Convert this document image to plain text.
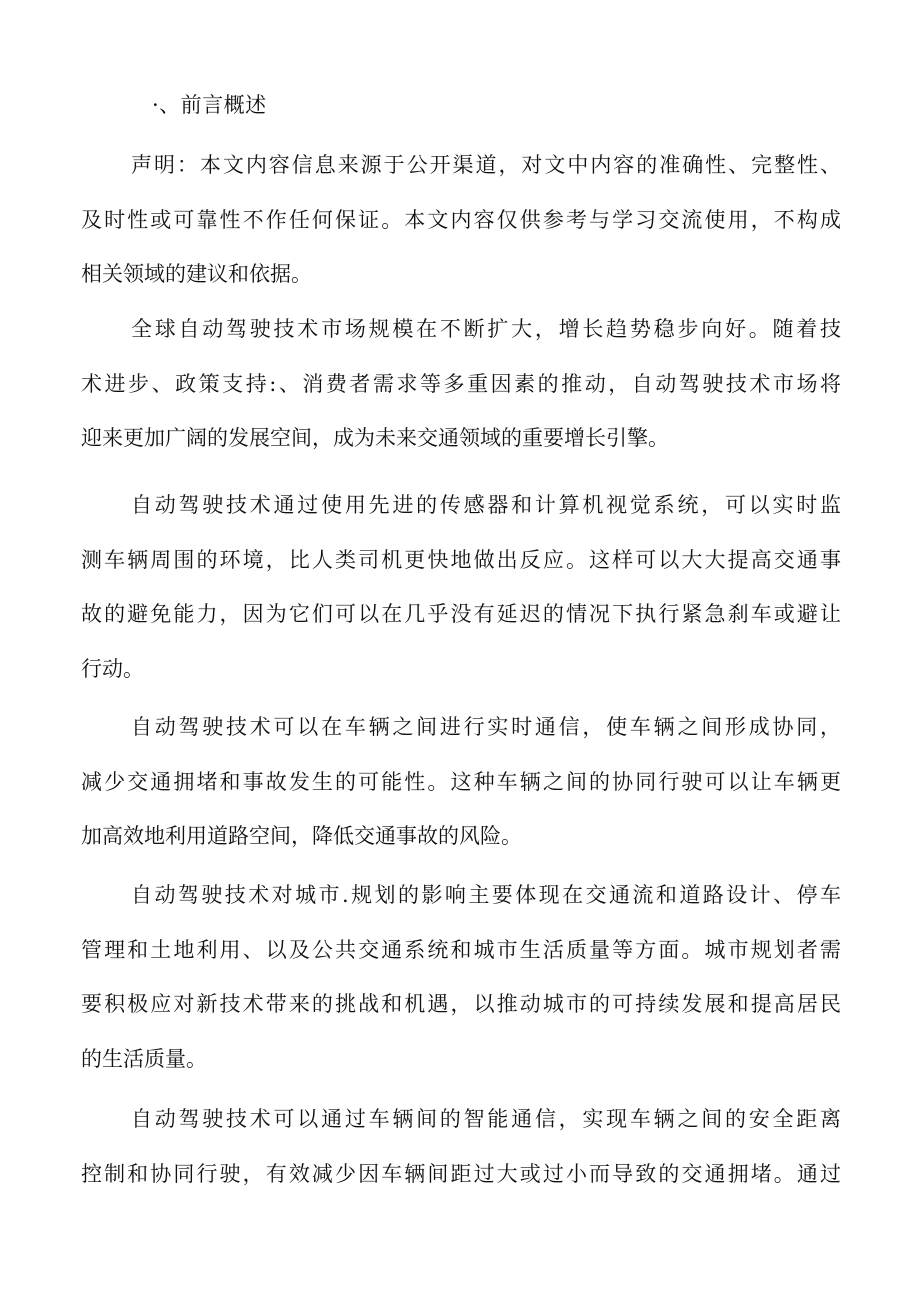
·、前言概述

声明：本文内容信息来源于公开渠道，对文中内容的准确性、完整性、
及时性或可靠性不作任何保证。本文内容仅供参考与学习交流使用，不构成
相关领域的建议和依据。

全球自动驾驶技术市场规模在不断扩大，增长趋势稳步向好。随着技
术进步、政策支持:、消费者需求等多重因素的推动，自动驾驶技术市场将
迎来更加广阔的发展空间，成为未来交通领域的重要增长引擎。

自动驾驶技术通过使用先进的传感器和计算机视觉系统，可以实时监
测车辆周围的环境，比人类司机更快地做出反应。这样可以大大提高交通事
故的避免能力，因为它们可以在几乎没有延迟的情况下执行紧急刹车或避让
行动。

自动驾驶技术可以在车辆之间进行实时通信，使车辆之间形成协同，
减少交通拥堵和事故发生的可能性。这种车辆之间的协同行驶可以让车辆更
加高效地利用道路空间，降低交通事故的风险。

自动驾驶技术对城市.规划的影响主要体现在交通流和道路设计、停车
管理和土地利用、以及公共交通系统和城市生活质量等方面。城市规划者需
要积极应对新技术带来的挑战和机遇，以推动城市的可持续发展和提高居民
的生活质量。

自动驾驶技术可以通过车辆间的智能通信，实现车辆之间的安全距离
控制和协同行驶，有效减少因车辆间距过大或过小而导致的交通拥堵。通过
